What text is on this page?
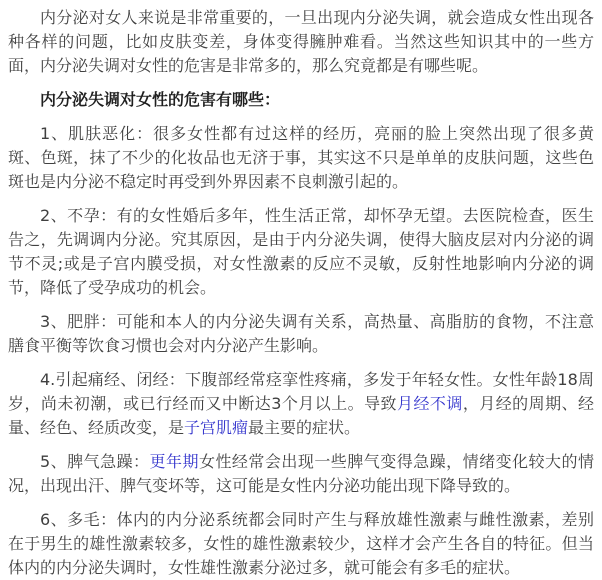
内分泌对女人来说是非常重要的，一旦出现内分泌失调，就会造成女性出现各种各样的问题，比如皮肤变差，身体变得臃肿难看。当然这些知识其中的一些方面，内分泌失调对女性的危害是非常多的，那么究竟都是有哪些呢。

内分泌失调对女性的危害有哪些：

1、肌肤恶化：很多女性都有过这样的经历，亮丽的脸上突然出现了很多黄斑、色斑，抹了不少的化妆品也无济于事，其实这不只是单单的皮肤问题，这些色斑也是内分泌不稳定时再受到外界因素不良刺激引起的。

2、不孕：有的女性婚后多年，性生活正常，却怀孕无望。去医院检查，医生告之，先调调内分泌。究其原因，是由于内分泌失调，使得大脑皮层对内分泌的调节不灵;或是子宫内膜受损，对女性激素的反应不灵敏，反射性地影响内分泌的调节，降低了受孕成功的机会。

3、肥胖：可能和本人的内分泌失调有关系，高热量、高脂肪的食物，不注意膳食平衡等饮食习惯也会对内分泌产生影响。

4.引起痛经、闭经：下腹部经常痉挛性疼痛，多发于年轻女性。女性年龄18周岁，尚未初潮，或已行经而又中断达3个月以上。导致月经不调，月经的周期、经量、经色、经质改变，是子宫肌瘤最主要的症状。

5、脾气急躁：更年期女性经常会出现一些脾气变得急躁，情绪变化较大的情况，出现出汗、脾气变坏等，这可能是女性内分泌功能出现下降导致的。

6、多毛：体内的内分泌系统都会同时产生与释放雄性激素与雌性激素，差别在于男生的雄性激素较多，女性的雄性激素较少，这样才会产生各自的特征。但当体内的内分泌失调时，女性雄性激素分泌过多，就可能会有多毛的症状。
